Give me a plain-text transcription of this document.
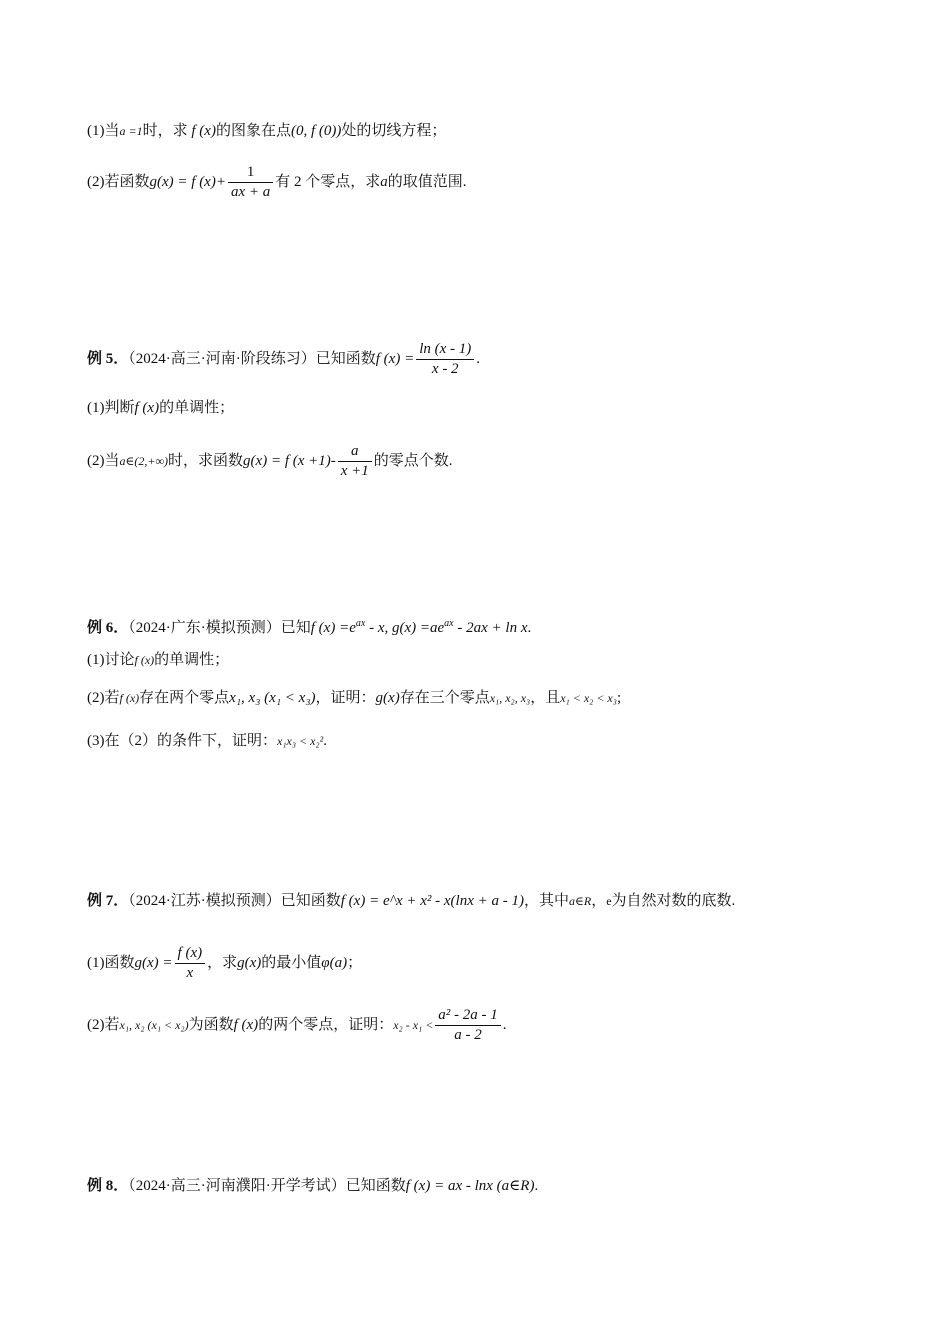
(1)当a =1时，求 f (x)的图象在点(0, f (0))处的切线方程；
(2)若函数g(x) = f $(x)+ \frac{1}{ax + a}$ 有 2 个零点，求a的取值范围.
例 5．（2024·高三·河南·阶段练习）已知函数f $(x) = \frac{\ln (x - 1)}{x - 2}$ .
(1)判断f (x)的单调性；
(2)当a∈(2,+∞)时，求函数g(x) = f $(x +1)- \frac{a}{x +1}$ 的零点个数.
例 6．（2024·广东·模拟预测）已知f $(x) =e^{ax} - x$, $g(x) =ae^{ax} - 2ax + \ln x$.
(1)讨论f (x)的单调性；
(2)若f (x)存在两个零点x₁, x₃ (x₁ < x₃)，证明：g(x)存在三个零点x₁, x₂, x₃，且x₁ < x₂ < x₃;
(3)在（2）的条件下，证明：x₁x₃ < x₂².
例 7．（2024·江苏·模拟预测）已知函数f (x) = e^x + x² - x(lnx + a - 1)，其中a∈R，e为自然对数的底数.
(1)函数$g(x) = \frac{f (x)}{x}$ ，求g(x)的最小值φ(a)；
(2)若x₁, x₂ (x₁ < x₂)为函数f (x)的两个零点，证明：$x_2 - x_1 < \frac{\text{a² - 2a - 1}}{a - 2}$ .
例 8．（2024·高三·河南濮阳·开学考试）已知函数f (x) = ax - lnx (a∈R).
